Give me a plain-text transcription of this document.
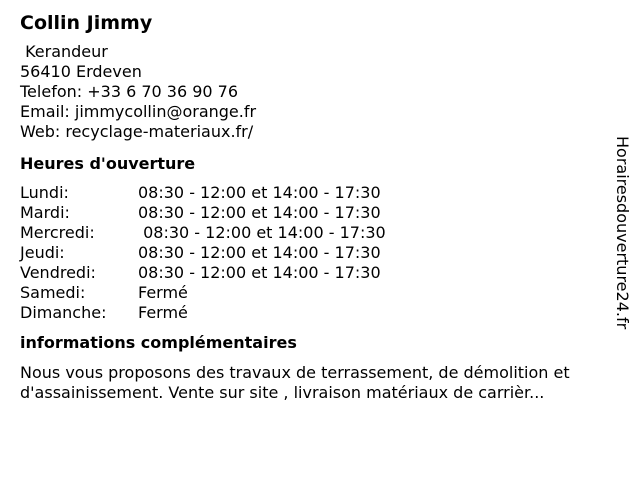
Collin Jimmy
Kerandeur
56410 Erdeven
Telefon: +33 6 70 36 90 76
Email: jimmycollin@orange.fr
Web: recyclage-materiaux.fr/
Heures d'ouverture
Lundi:	08:30 - 12:00 et 14:00 - 17:30
Mardi:	08:30 - 12:00 et 14:00 - 17:30
Mercredi:	08:30 - 12:00 et 14:00 - 17:30
Jeudi:	08:30 - 12:00 et 14:00 - 17:30
Vendredi:	08:30 - 12:00 et 14:00 - 17:30
Samedi:	Fermé
Dimanche:	Fermé
informations complémentaires
Nous vous proposons des travaux de terrassement, de démolition et d'assainissement. Vente sur site , livraison matériaux de carrièr...
Horairesdouverture24.fr
